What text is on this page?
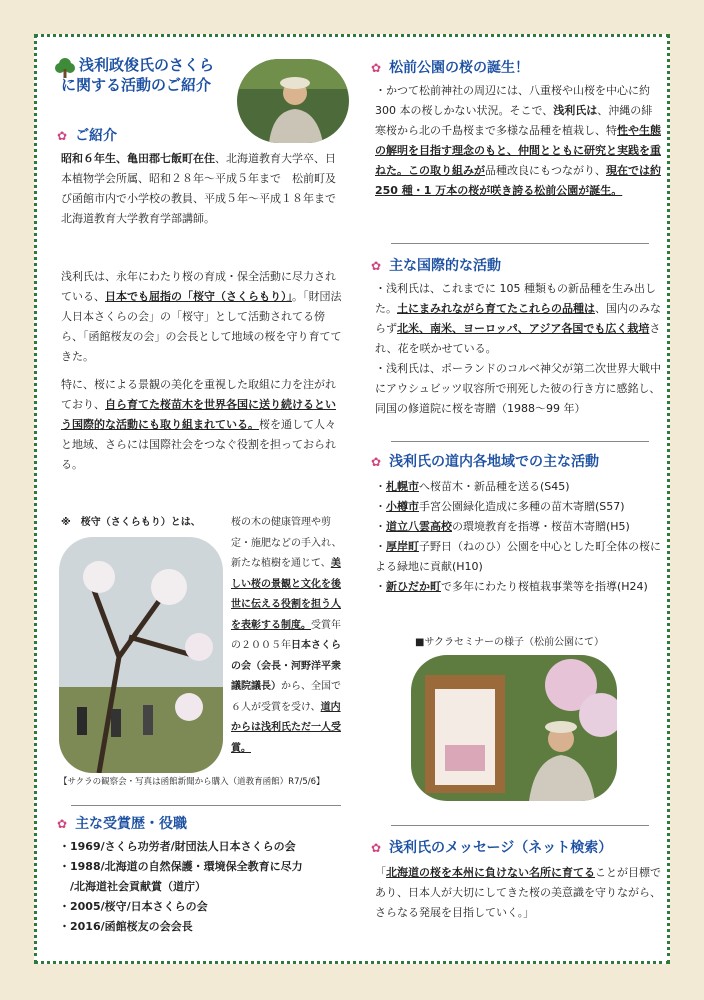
浅利政俊氏のさくら
に関する活動のご紹介
✿ ご紹介
昭和６年生、亀田郡七飯町在住、北海道教育大学卒、日本植物学会所属、昭和２８年～平成５年まで　松前町及び函館市内で小学校の教員、平成５年～平成１８年まで　北海道教育大学教育学部講師。
浅利氏は、永年にわたり桜の育成・保全活動に尽力されている、日本でも屈指の「桜守（さくらもり）」。「財団法人日本さくらの会」の「桜守」として活動されてる傍ら、「函館桜友の会」の会長として地域の桜を守り育ててきた。
特に、桜による景観の美化を重視した取組に力を注がれており、自ら育てた桜苗木を世界各国に送り続けるという国際的な活動にも取り組まれている。桜を通して人々と地域、さらには国際社会をつなぐ役割を担っておられる。
※　桜守（さくらもり）とは、	桜の木の健康管理や剪定・施肥などの手入れ、新たな植樹を通じて、美しい桜の景観と文化を後世に伝える役割を担う人を表彰する制度。受賞年の２００５年日本さくらの会（会長・河野洋平衆議院議長）から、全国で６人が受賞を受け、道内からは浅利氏ただ一人受賞。
【サクラの観察会・写真は函館新聞から購入（道教育函館）R7/5/6】
✿ 主な受賞歴・役職
・1969/さくら功労者/財団法人日本さくらの会
・1988/北海道の自然保護・環境保全教育に尽力
　/北海道社会貢献賞（道庁）
・2005/桜守/日本さくらの会
・2016/函館桜友の会会長
✿ 松前公園の桜の誕生！
・かつて松前神社の周辺には、八重桜や山桜を中心に約 300 本の桜しかない状況。そこで、浅利氏は、沖縄の緋寒桜から北の千島桜まで多様な品種を植栽し、特性や生態の解明を目指す理念のもと、仲間とともに研究と実践を重ねた。この取り組みが品種改良にもつながり、現在では約 250 種・1 万本の桜が咲き誇る松前公園が誕生。
✿ 主な国際的な活動
・浅利氏は、これまでに 105 種類もの新品種を生み出した。土にまみれながら育てたこれらの品種は、国内のみならず北米、南米、ヨーロッパ、アジア各国でも広く栽培され、花を咲かせている。
・浅利氏は、ポーランドのコルベ神父が第二次世界大戦中にアウシュビッツ収容所で刑死した彼の行き方に感銘し、同国の修道院に桜を寄贈（1988～99 年）
✿ 浅利氏の道内各地域での主な活動
・札幌市へ桜苗木・新品種を送る(S45)
・小樽市手宮公園緑化造成に多種の苗木寄贈(S57)
・道立八雲高校の環境教育を指導・桜苗木寄贈(H5)
・厚岸町子野日（ねのひ）公園を中心とした町全体の桜による緑地に貢献(H10)
・新ひだか町で多年にわたり桜植栽事業等を指導(H24)
■サクラセミナーの様子（松前公園にて）
✿ 浅利氏のメッセージ（ネット検索）
「北海道の桜を本州に負けない名所に育てることが目標であり、日本人が大切にしてきた桜の美意識を守りながら、さらなる発展を目指していく。」
